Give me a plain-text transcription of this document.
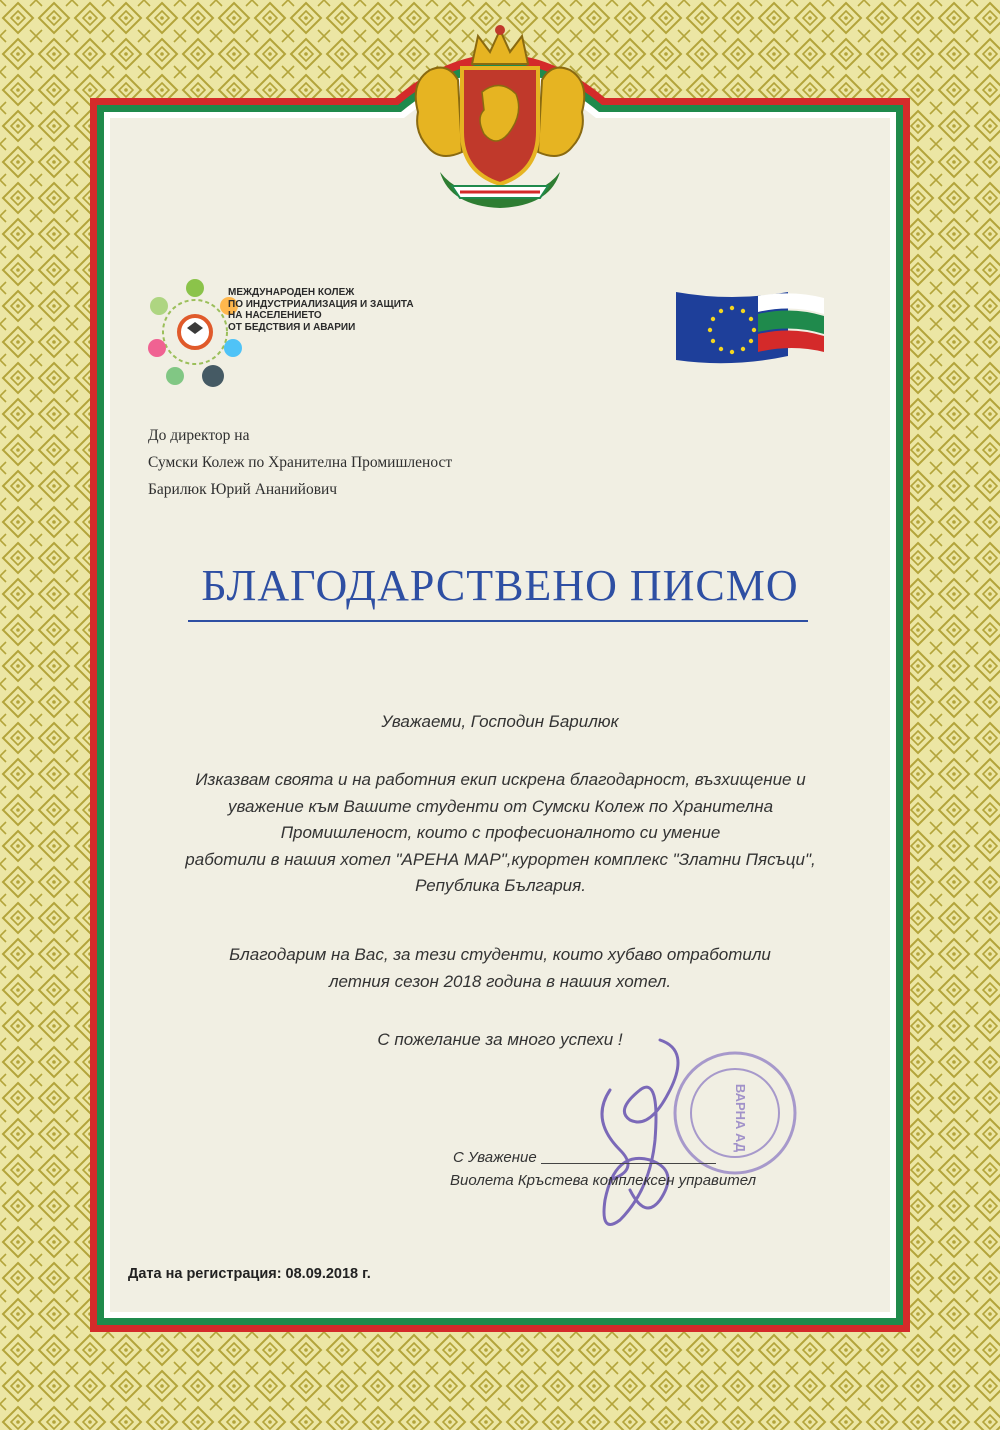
МЕЖДУНАРОДЕН КОЛЕЖ
ПО ИНДУСТРИАЛИЗАЦИЯ И ЗАЩИТА
НА НАСЕЛЕНИЕТО
ОТ БЕДСТВИЯ И АВАРИИ
До директор на
Сумски Колеж по Хранителна Промишленост
Барилюк Юрий Ананийович
БЛАГОДАРСТВЕНО ПИСМО
Уважаеми, Господин Барилюк
Изказвам своята и на работния екип искрена благодарност, възхищение и
уважение към Вашите студенти от Сумски Колеж по Хранителна
Промишленост, които с професионалното си умение
работили в нашия хотел "АРЕНА МАР",курортен комплекс "Златни Пясъци",
Република България.
Благодарим на Вас, за тези студенти, които хубаво отработили
летния сезон 2018 година в нашия хотел.
С пожелание за много успехи !
ВАРНА АД
С Уважение
Виолета Кръстева комплексен управител
Дата на регистрация: 08.09.2018 г.
